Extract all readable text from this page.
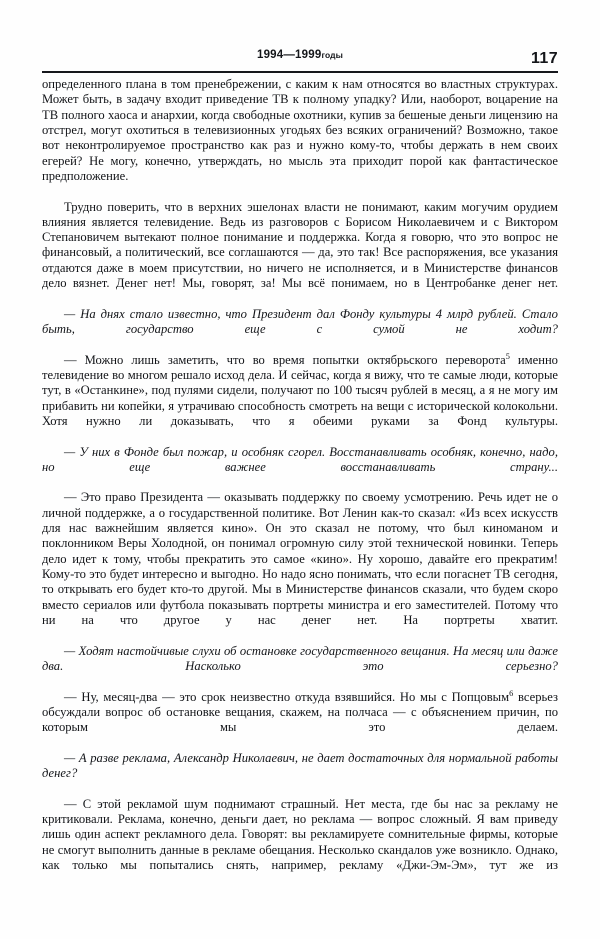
1994—1999годы	117

определенного плана в том пренебрежении, с каким к нам относятся во властных структурах. Может быть, в задачу входит приведение ТВ к полному упадку? Или, наоборот, воцарение на ТВ полного хаоса и анархии, когда свободные охотники, купив за бешеные деньги лицензию на отстрел, могут охотиться в телевизионных угодьях без всяких ограничений? Возможно, такое вот неконтролируемое пространство как раз и нужно кому-то, чтобы держать в нем своих егерей? Не могу, конечно, утверждать, но мысль эта приходит порой как фантастическое предположение.

Трудно поверить, что в верхних эшелонах власти не понимают, каким могучим орудием влияния является телевидение. Ведь из разговоров с Борисом Николаевичем и с Виктором Степановичем вытекают полное понимание и поддержка. Когда я говорю, что это вопрос не финансовый, а политический, все соглашаются — да, это так! Все распоряжения, все указания отдаются даже в моем присутствии, но ничего не исполняется, и в Министерстве финансов дело вязнет. Денег нет! Мы, говорят, за! Мы всё понимаем, но в Центробанке денег нет.

— На днях стало известно, что Президент дал Фонду культуры 4 млрд рублей. Стало быть, государство еще с сумой не ходит?

— Можно лишь заметить, что во время попытки октябрьского переворота$^5$ именно телевидение во многом решало исход дела. И сейчас, когда я вижу, что те самые люди, которые тут, в «Останкине», под пулями сидели, получают по 100 тысяч рублей в месяц, а я не могу им прибавить ни копейки, я утрачиваю способность смотреть на вещи с исторической колокольни. Хотя нужно ли доказывать, что я обеими руками за Фонд культуры.

— У них в Фонде был пожар, и особняк сгорел. Восстанавливать особняк, конечно, надо, но еще важнее восстанавливать страну...

— Это право Президента — оказывать поддержку по своему усмотрению. Речь идет не о личной поддержке, а о государственной политике. Вот Ленин как-то сказал: «Из всех искусств для нас важнейшим является кино». Он это сказал не потому, что был киноманом и поклонником Веры Холодной, он понимал огромную силу этой технической новинки. Теперь дело идет к тому, чтобы прекратить это самое «кино». Ну хорошо, давайте его прекратим! Кому-то это будет интересно и выгодно. Но надо ясно понимать, что если погаснет ТВ сегодня, то открывать его будет кто-то другой. Мы в Министерстве финансов сказали, что будем скоро вместо сериалов или футбола показывать портреты министра и его заместителей. Потому что ни на что другое у нас денег нет. На портреты хватит.

— Ходят настойчивые слухи об остановке государственного вещания. На месяц или даже два. Насколько это серьезно?

— Ну, месяц-два — это срок неизвестно откуда взявшийся. Но мы с Попцовым$^6$ всерьез обсуждали вопрос об остановке вещания, скажем, на полчаса — с объяснением причин, по которым мы это делаем.

— А разве реклама, Александр Николаевич, не дает достаточных для нормальной работы денег?

— С этой рекламой шум поднимают страшный. Нет места, где бы нас за рекламу не критиковали. Реклама, конечно, деньги дает, но реклама — вопрос сложный. Я вам приведу лишь один аспект рекламного дела. Говорят: вы рекламируете сомнительные фирмы, которые не смогут выполнить данные в рекламе обещания. Несколько скандалов уже возникло. Однако, как только мы попытались снять, например, рекламу «Джи-Эм-Эм», тут же из
